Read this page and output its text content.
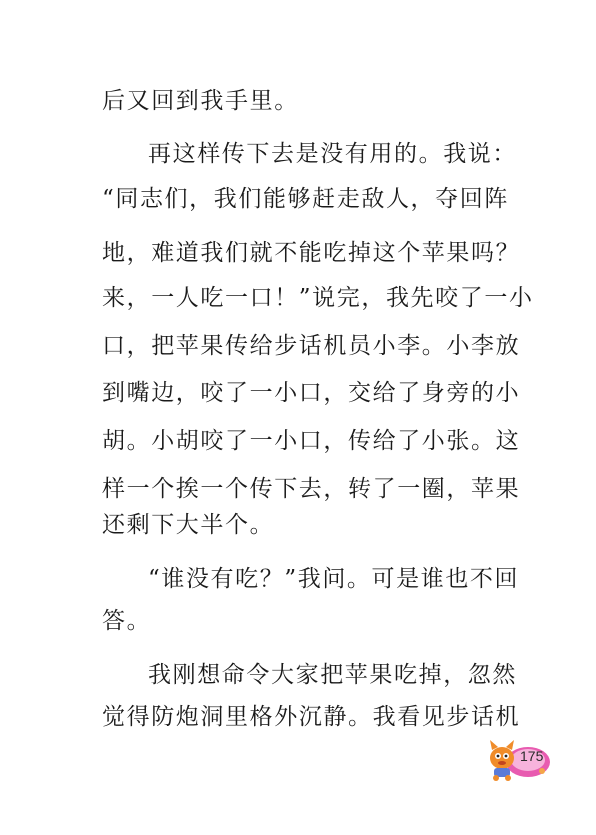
后又回到我手里。
再这样传下去是没有用的。我说：
“同志们，我们能够赶走敌人，夺回阵
地，难道我们就不能吃掉这个苹果吗？
来，一人吃一口！”说完，我先咬了一小
口，把苹果传给步话机员小李。小李放
到嘴边，咬了一小口，交给了身旁的小
胡。小胡咬了一小口，传给了小张。这
样一个挨一个传下去，转了一圈，苹果
还剩下大半个。
“谁没有吃？”我问。可是谁也不回
答。
我刚想命令大家把苹果吃掉，忽然
觉得防炮洞里格外沉静。我看见步话机
175
